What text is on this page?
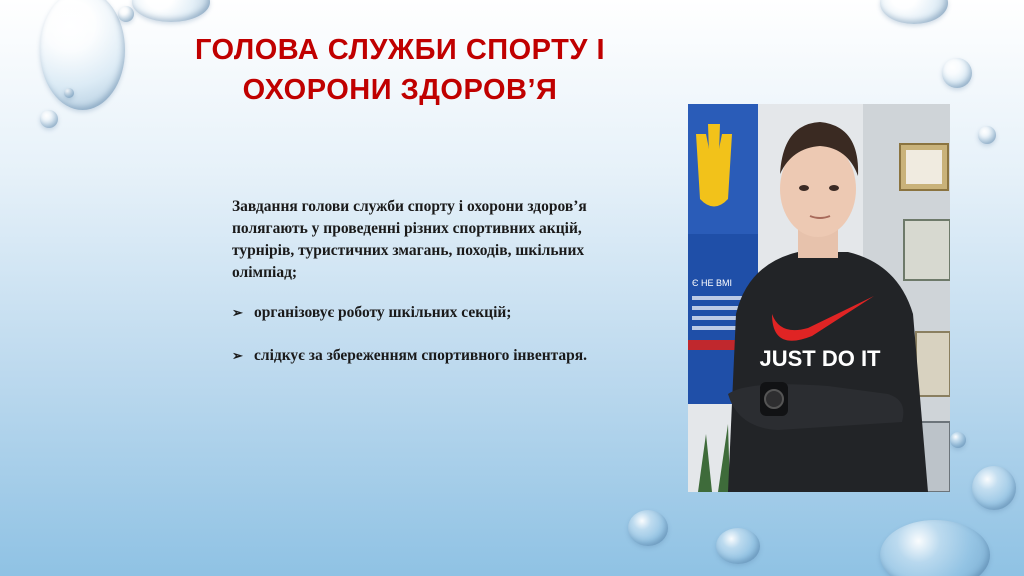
ГОЛОВА СЛУЖБИ СПОРТУ І
ОХОРОНИ ЗДОРОВ’Я

Завдання голови служби спорту і охорони здоров’я полягають у проведенні різних спортивних акцій, турнірів, туристичних змагань, походів, шкільних олімпіад;

➢ організовує роботу шкільних секцій;
➢ слідкує за збереженням спортивного інвентаря.
Є НЕ ВМІ
JUST DO IT
